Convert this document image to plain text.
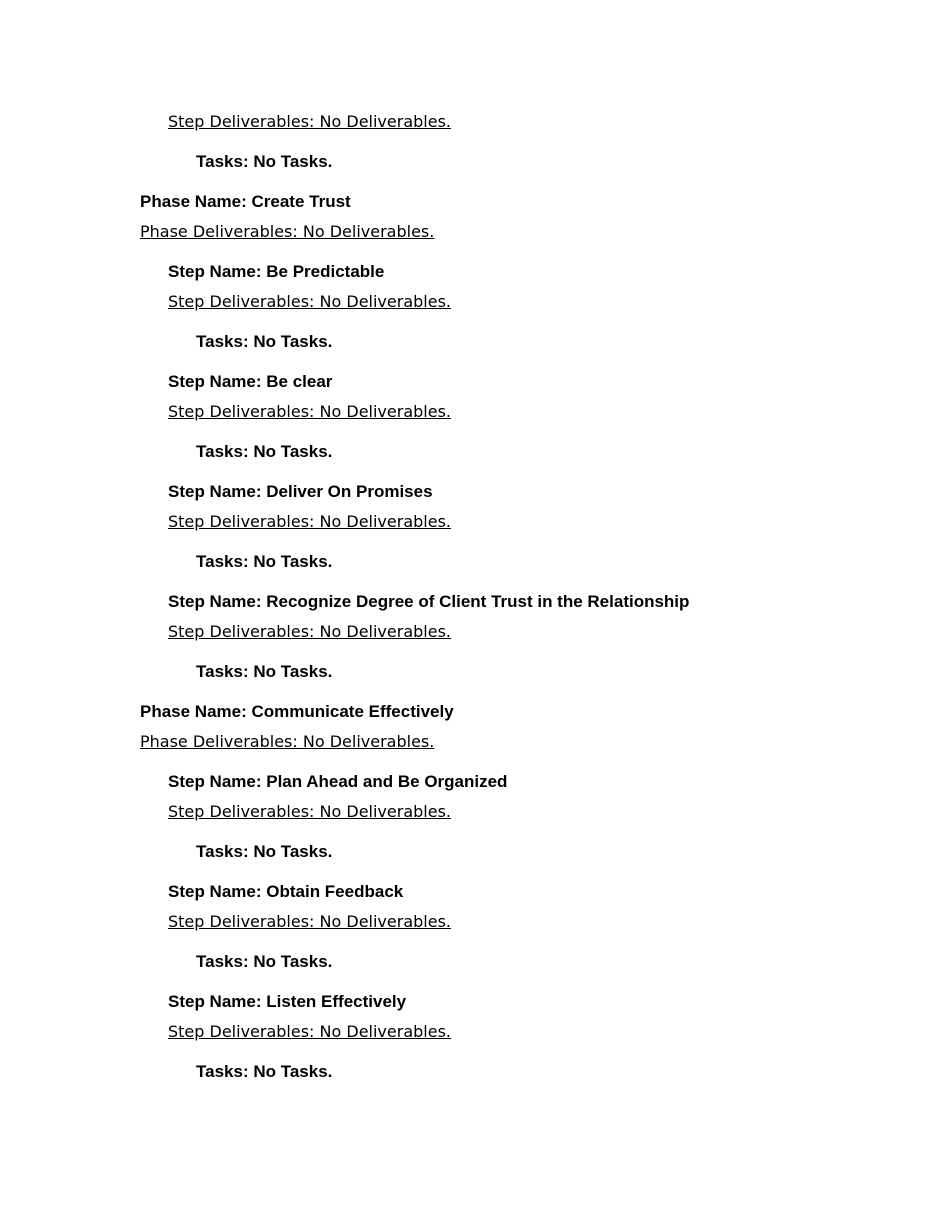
Step Deliverables: No Deliverables.
Tasks: No Tasks.
Phase Name: Create Trust
Phase Deliverables: No Deliverables.
Step Name: Be Predictable
Step Deliverables: No Deliverables.
Tasks: No Tasks.
Step Name: Be clear
Step Deliverables: No Deliverables.
Tasks: No Tasks.
Step Name: Deliver On Promises
Step Deliverables: No Deliverables.
Tasks: No Tasks.
Step Name: Recognize Degree of Client Trust in the Relationship
Step Deliverables: No Deliverables.
Tasks: No Tasks.
Phase Name: Communicate Effectively
Phase Deliverables: No Deliverables.
Step Name: Plan Ahead and Be Organized
Step Deliverables: No Deliverables.
Tasks: No Tasks.
Step Name: Obtain Feedback
Step Deliverables: No Deliverables.
Tasks: No Tasks.
Step Name: Listen Effectively
Step Deliverables: No Deliverables.
Tasks: No Tasks.
